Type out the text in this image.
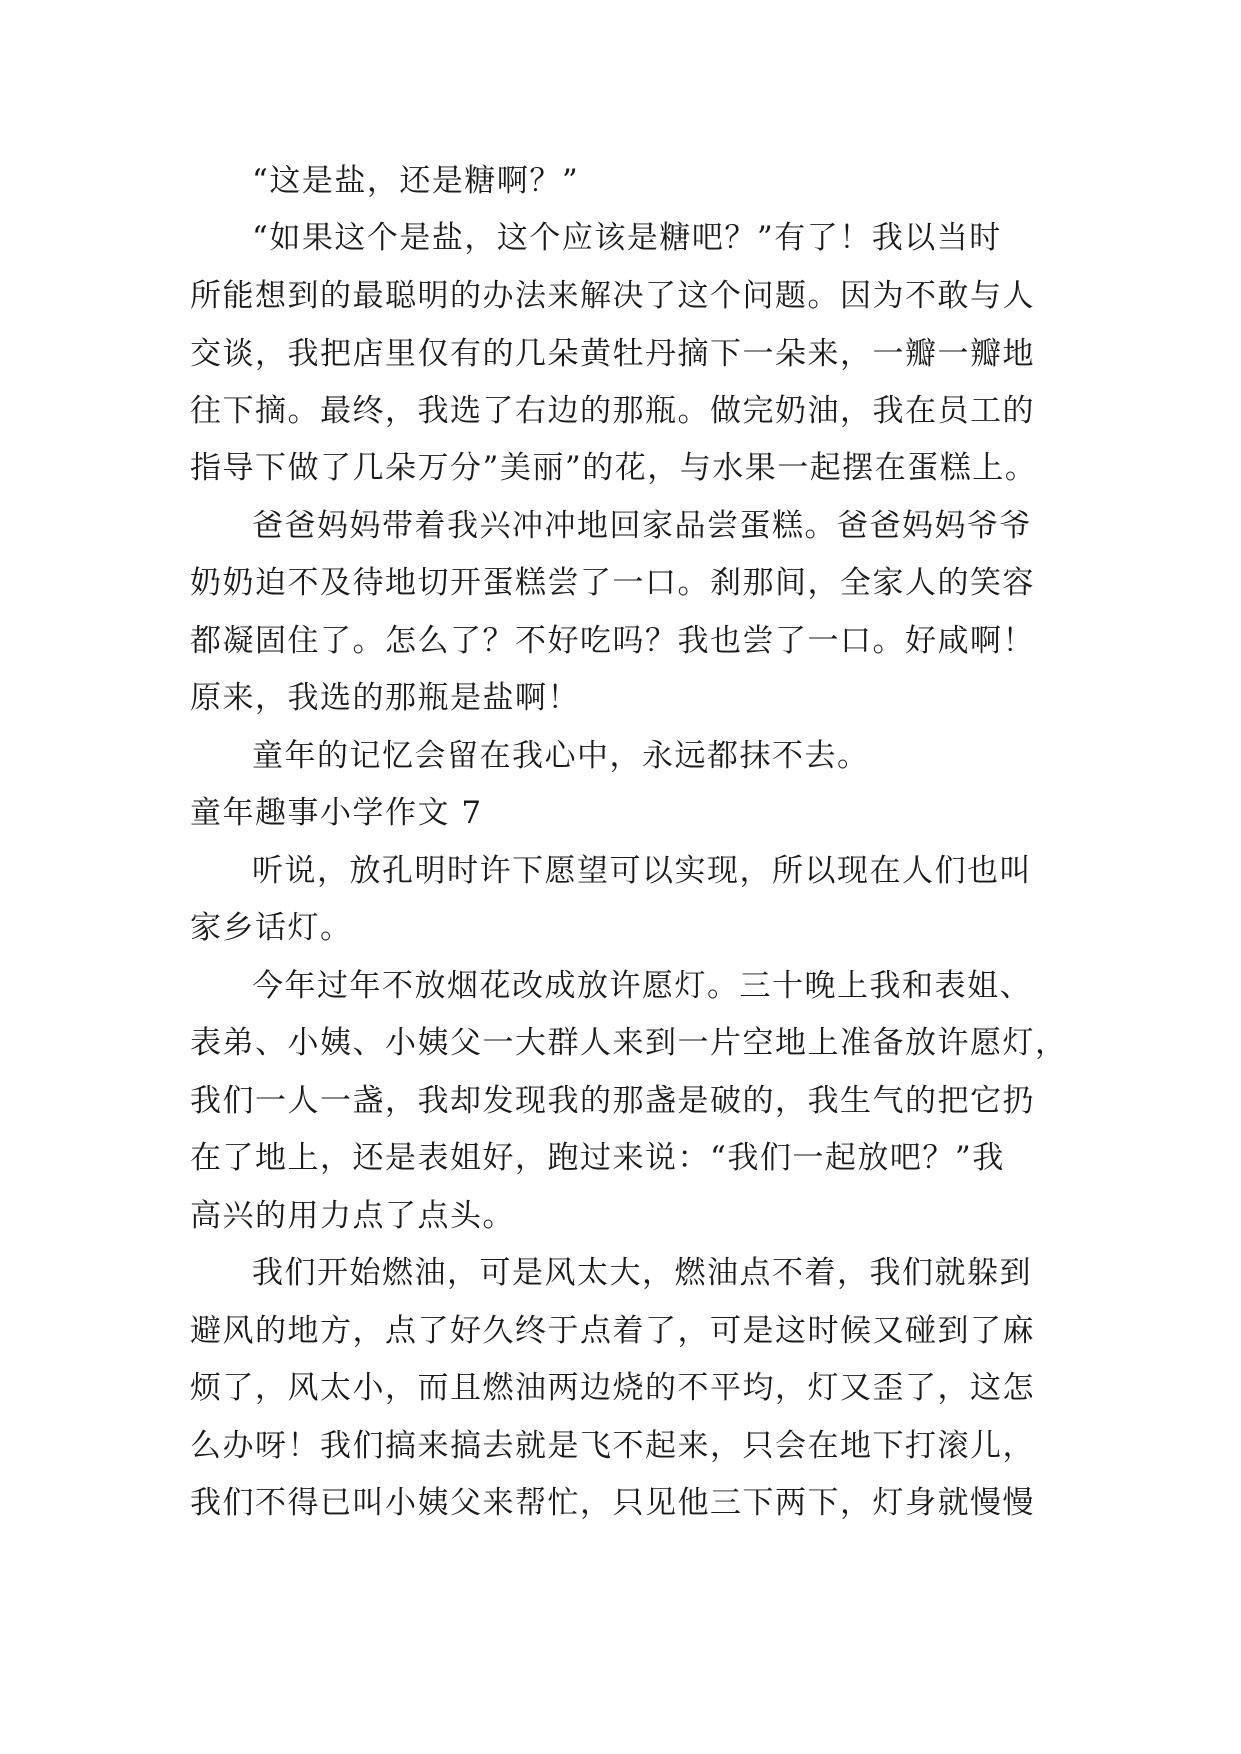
“这是盐，还是糖啊？”
“如果这个是盐，这个应该是糖吧？”有了！我以当时
所能想到的最聪明的办法来解决了这个问题。因为不敢与人
交谈，我把店里仅有的几朵黄牡丹摘下一朵来，一瓣一瓣地
往下摘。最终，我选了右边的那瓶。做完奶油，我在员工的
指导下做了几朵万分”美丽”的花，与水果一起摆在蛋糕上。
爸爸妈妈带着我兴冲冲地回家品尝蛋糕。爸爸妈妈爷爷
奶奶迫不及待地切开蛋糕尝了一口。刹那间，全家人的笑容
都凝固住了。怎么了？不好吃吗？我也尝了一口。好咸啊！
原来，我选的那瓶是盐啊！
童年的记忆会留在我心中，永远都抹不去。
童年趣事小学作文 7
听说，放孔明时许下愿望可以实现，所以现在人们也叫
家乡话灯。
今年过年不放烟花改成放许愿灯。三十晚上我和表姐、
表弟、小姨、小姨父一大群人来到一片空地上准备放许愿灯，
我们一人一盏，我却发现我的那盏是破的，我生气的把它扔
在了地上，还是表姐好，跑过来说：“我们一起放吧？”我
高兴的用力点了点头。
我们开始燃油，可是风太大，燃油点不着，我们就躲到
避风的地方，点了好久终于点着了，可是这时候又碰到了麻
烦了，风太小，而且燃油两边烧的不平均，灯又歪了，这怎
么办呀！我们搞来搞去就是飞不起来，只会在地下打滚儿，
我们不得已叫小姨父来帮忙，只见他三下两下，灯身就慢慢
